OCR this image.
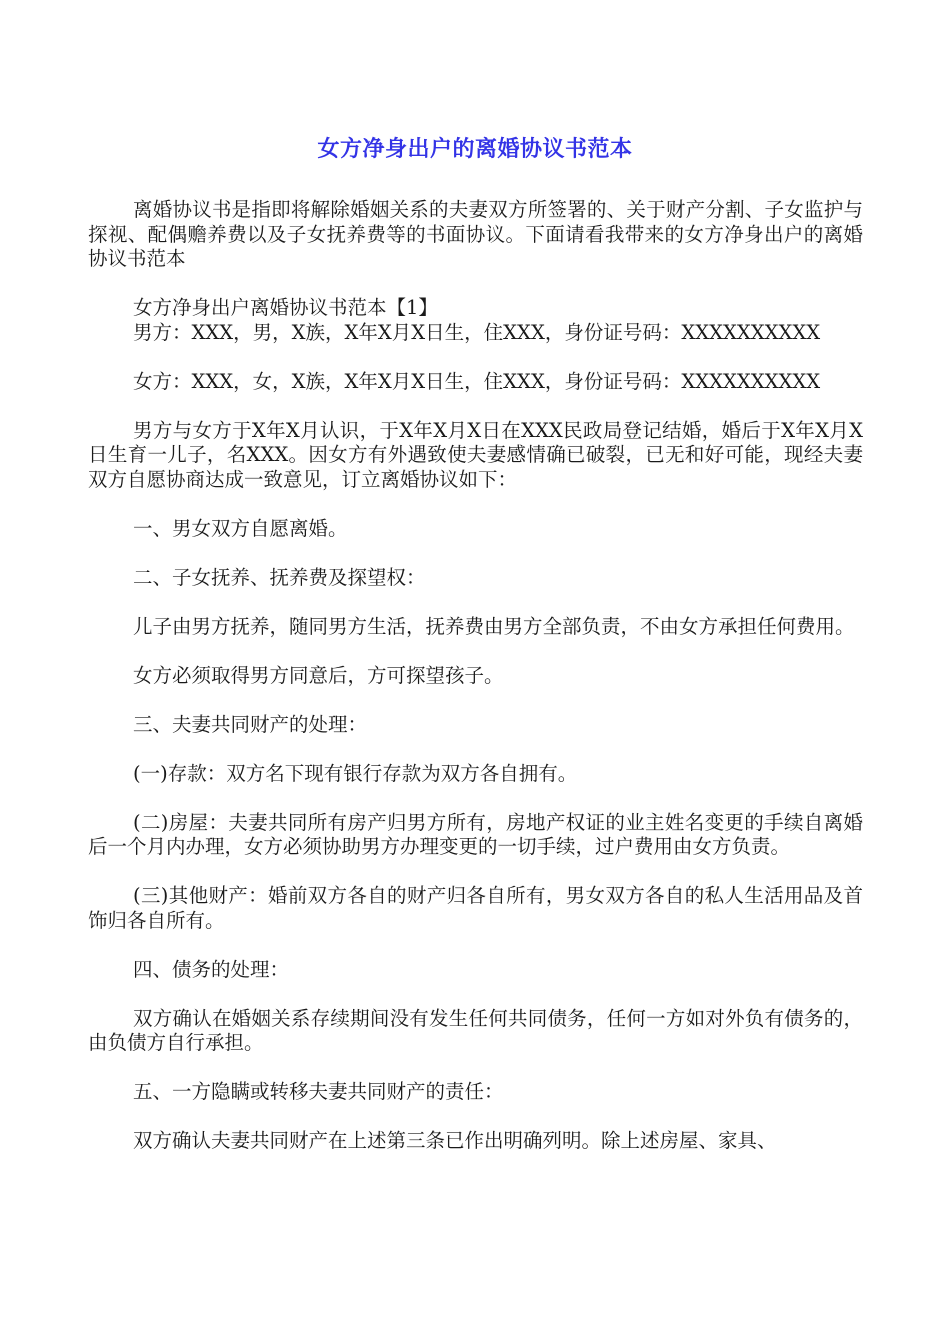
女方净身出户的离婚协议书范本

离婚协议书是指即将解除婚姻关系的夫妻双方所签署的、关于财产分割、子女监护与探视、配偶赡养费以及子女抚养费等的书面协议。下面请看我带来的女方净身出户的离婚协议书范本

女方净身出户离婚协议书范本【1】

男方：XXX，男，X族，X年X月X日生，住XXX，身份证号码：XXXXXXXXXX

女方：XXX，女，X族，X年X月X日生，住XXX，身份证号码：XXXXXXXXXX

男方与女方于X年X月认识，于X年X月X日在XXX民政局登记结婚，婚后于X年X月X日生育一儿子，名XXX。因女方有外遇致使夫妻感情确已破裂，已无和好可能，现经夫妻双方自愿协商达成一致意见，订立离婚协议如下：

一、男女双方自愿离婚。

二、子女抚养、抚养费及探望权：

儿子由男方抚养，随同男方生活，抚养费由男方全部负责，不由女方承担任何费用。

女方必须取得男方同意后，方可探望孩子。

三、夫妻共同财产的处理：

(一)存款：双方名下现有银行存款为双方各自拥有。

(二)房屋：夫妻共同所有房产归男方所有，房地产权证的业主姓名变更的手续自离婚后一个月内办理，女方必须协助男方办理变更的一切手续，过户费用由女方负责。

(三)其他财产：婚前双方各自的财产归各自所有，男女双方各自的私人生活用品及首饰归各自所有。

四、债务的处理：

双方确认在婚姻关系存续期间没有发生任何共同债务，任何一方如对外负有债务的，由负债方自行承担。

五、一方隐瞒或转移夫妻共同财产的责任：

双方确认夫妻共同财产在上述第三条已作出明确列明。除上述房屋、家具、
